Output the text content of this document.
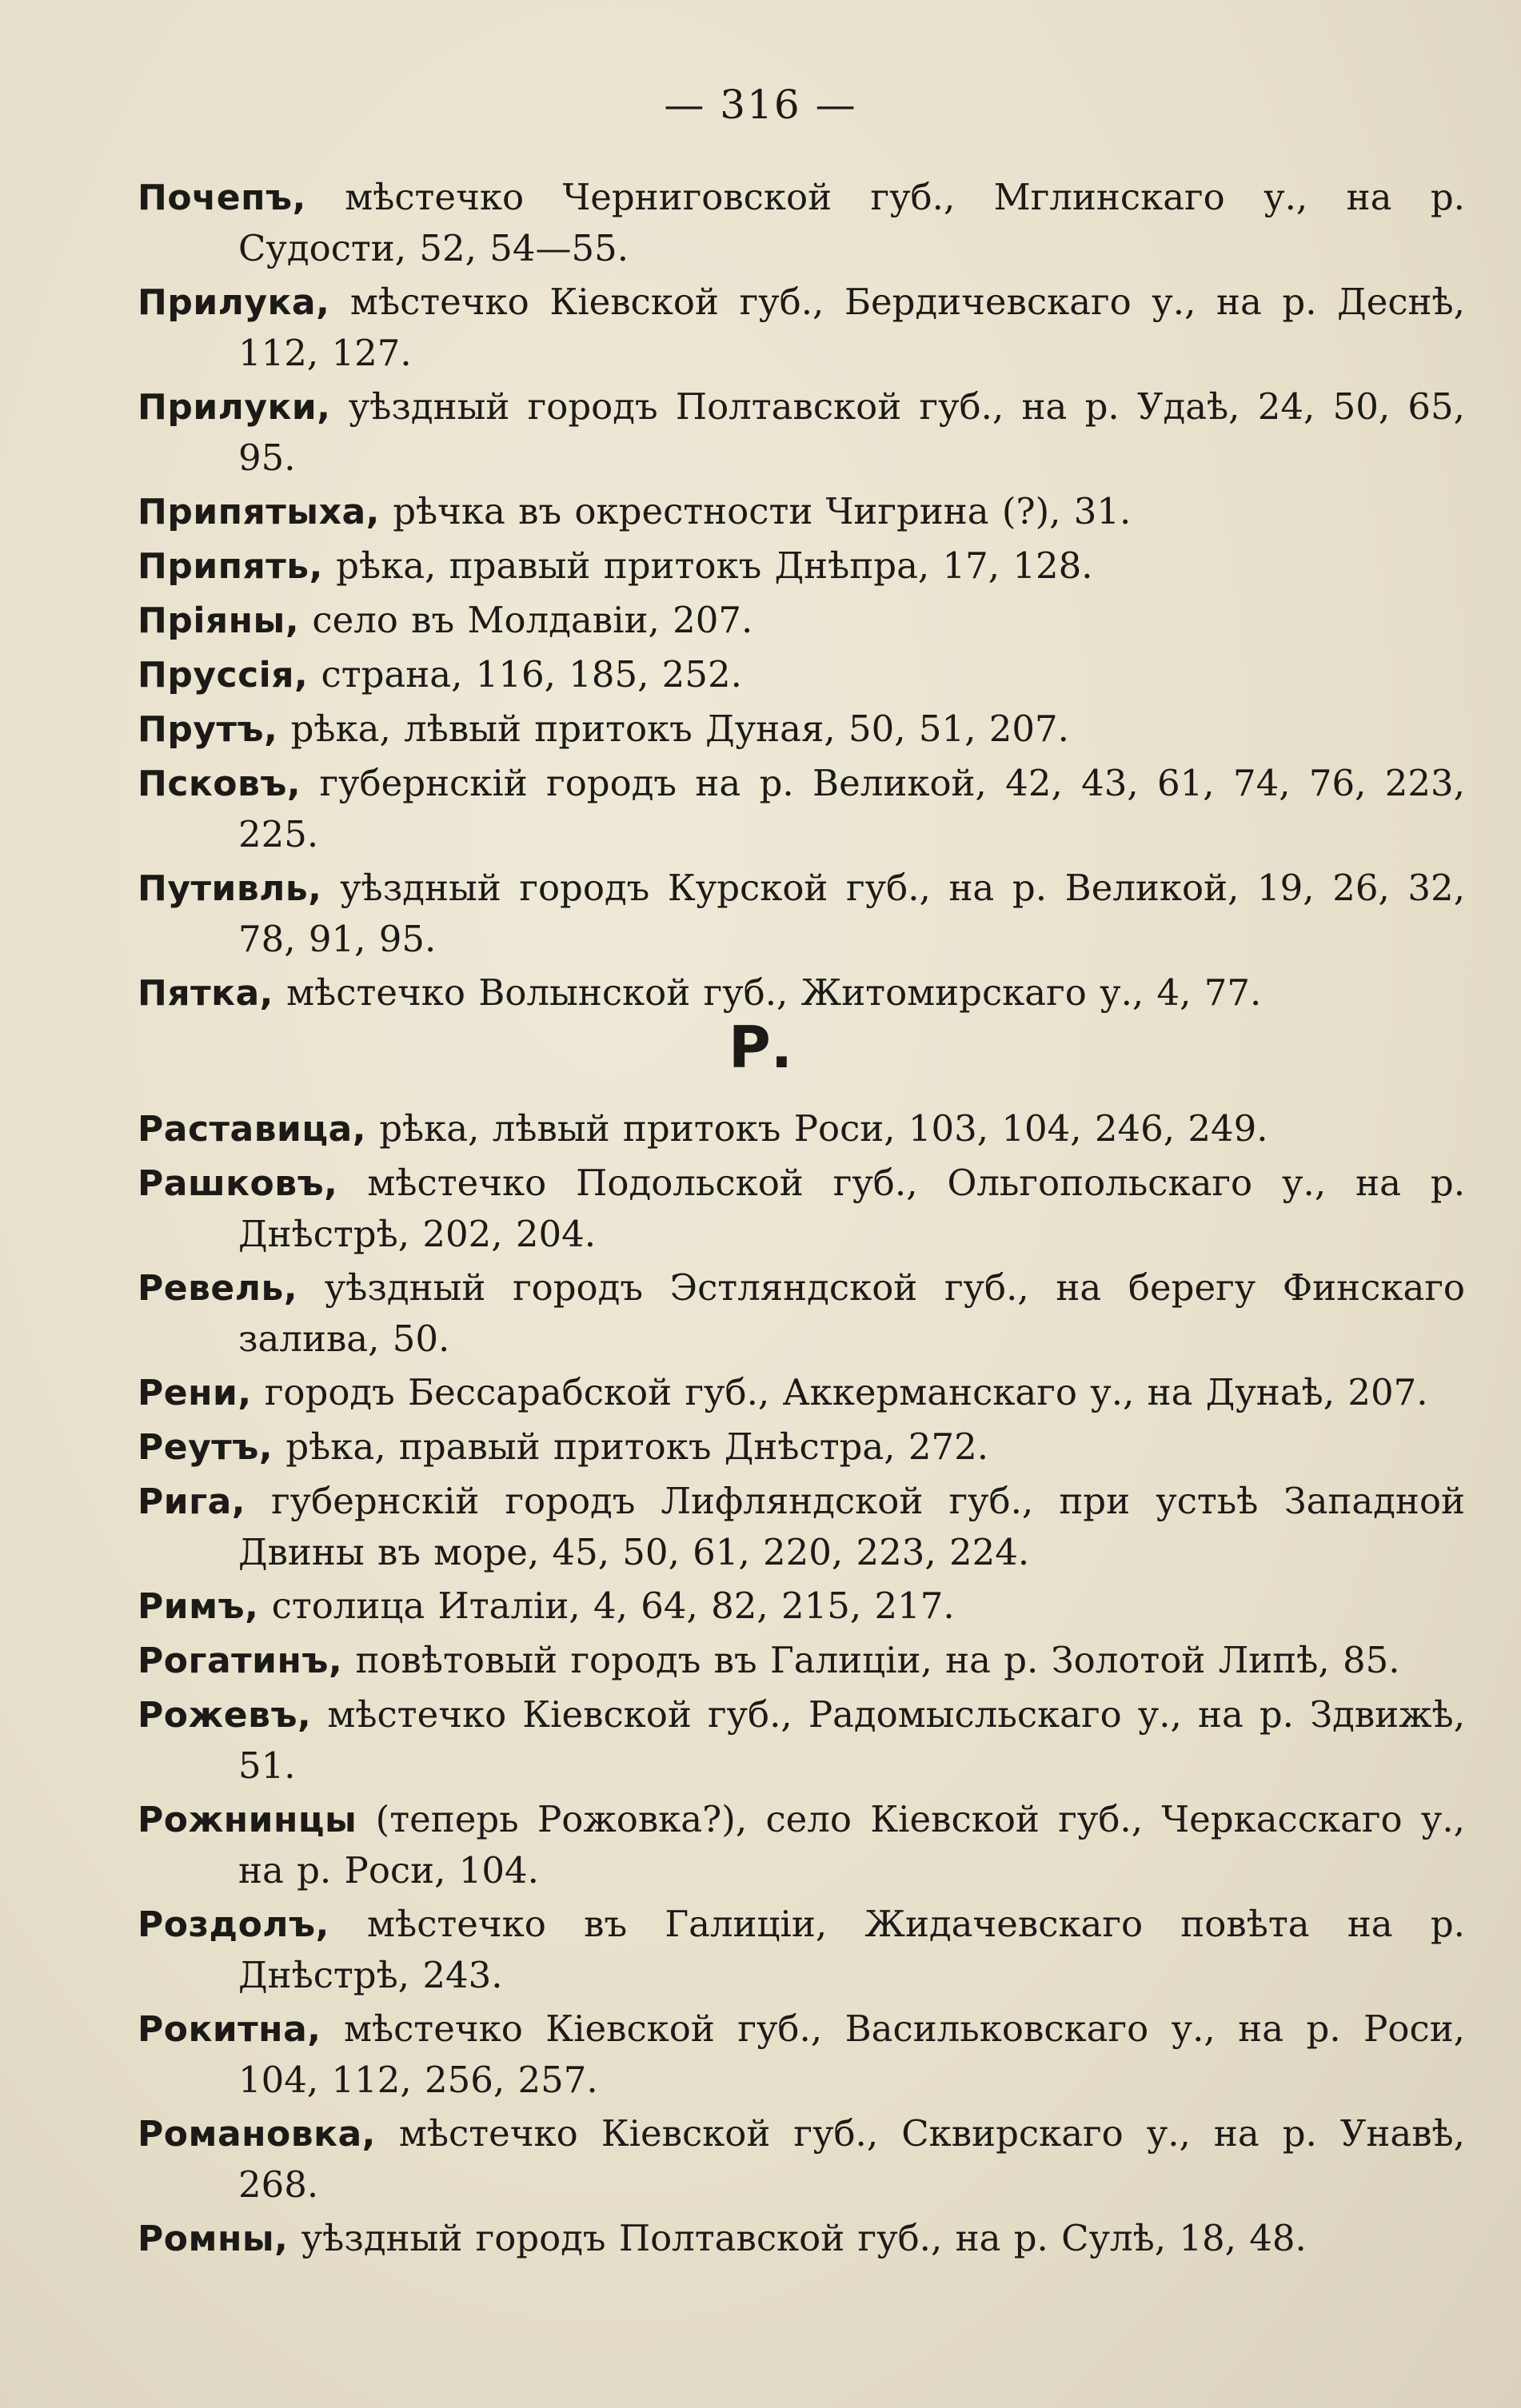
— 316 —
Почепъ, мѣстечко Черниговской губ., Мглинскаго у., на р. Судости, 52, 54—55.
Прилука, мѣстечко Кіевской губ., Бердичевскаго у., на р. Деснѣ, 112, 127.
Прилуки, уѣздный городъ Полтавской губ., на р. Удаѣ, 24, 50, 65, 95.
Припятыха, рѣчка въ окрестности Чигрина (?), 31.
Припять, рѣка, правый притокъ Днѣпра, 17, 128.
Пріяны, село въ Молдавіи, 207.
Пруссія, страна, 116, 185, 252.
Прутъ, рѣка, лѣвый притокъ Дуная, 50, 51, 207.
Псковъ, губернскій городъ на р. Великой, 42, 43, 61, 74, 76, 223, 225.
Путивль, уѣздный городъ Курской губ., на р. Великой, 19, 26, 32, 78, 91, 95.
Пятка, мѣстечко Волынской губ., Житомирскаго у., 4, 77.
Р.
Раставица, рѣка, лѣвый притокъ Роси, 103, 104, 246, 249.
Рашковъ, мѣстечко Подольской губ., Ольгопольскаго у., на р. Днѣстрѣ, 202, 204.
Ревель, уѣздный городъ Эстляндской губ., на берегу Финскаго залива, 50.
Рени, городъ Бессарабской губ., Аккерманскаго у., на Дунаѣ, 207.
Реутъ, рѣка, правый притокъ Днѣстра, 272.
Рига, губернскій городъ Лифляндской губ., при устьѣ Западной Двины въ море, 45, 50, 61, 220, 223, 224.
Римъ, столица Италіи, 4, 64, 82, 215, 217.
Рогатинъ, повѣтовый городъ въ Галиціи, на р. Золотой Липѣ, 85.
Рожевъ, мѣстечко Кіевской губ., Радомысльскаго у., на р. Здвижѣ, 51.
Рожнинцы (теперь Рожовка?), село Кіевской губ., Черкасскаго у., на р. Роси, 104.
Роздолъ, мѣстечко въ Галиціи, Жидачевскаго повѣта на р. Днѣстрѣ, 243.
Рокитна, мѣстечко Кіевской губ., Васильковскаго у., на р. Роси, 104, 112, 256, 257.
Романовка, мѣстечко Кіевской губ., Сквирскаго у., на р. Унавѣ, 268.
Ромны, уѣздный городъ Полтавской губ., на р. Сулѣ, 18, 48.
